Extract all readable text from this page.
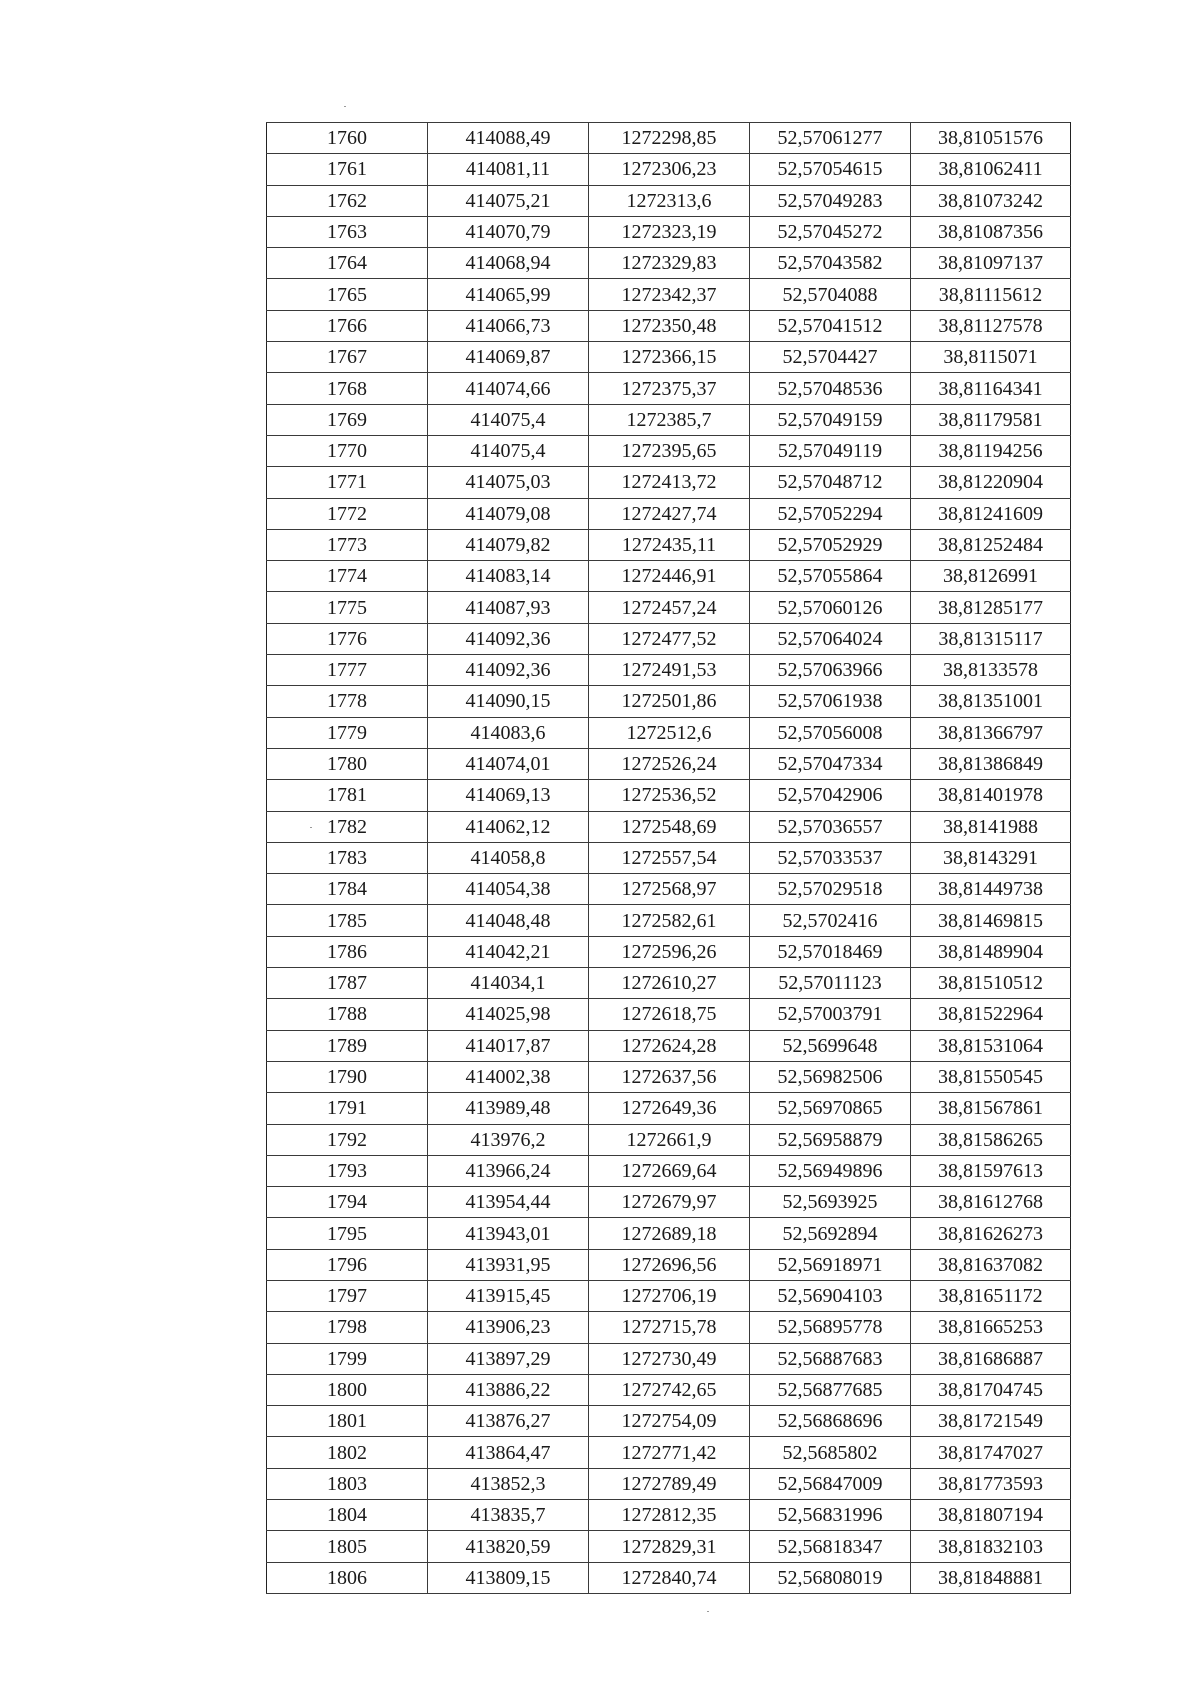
1760	414088,49	1272298,85	52,57061277	38,81051576
1761	414081,11	1272306,23	52,57054615	38,81062411
1762	414075,21	1272313,6	52,57049283	38,81073242
1763	414070,79	1272323,19	52,57045272	38,81087356
1764	414068,94	1272329,83	52,57043582	38,81097137
1765	414065,99	1272342,37	52,5704088	38,81115612
1766	414066,73	1272350,48	52,57041512	38,81127578
1767	414069,87	1272366,15	52,5704427	38,8115071
1768	414074,66	1272375,37	52,57048536	38,81164341
1769	414075,4	1272385,7	52,57049159	38,81179581
1770	414075,4	1272395,65	52,57049119	38,81194256
1771	414075,03	1272413,72	52,57048712	38,81220904
1772	414079,08	1272427,74	52,57052294	38,81241609
1773	414079,82	1272435,11	52,57052929	38,81252484
1774	414083,14	1272446,91	52,57055864	38,8126991
1775	414087,93	1272457,24	52,57060126	38,81285177
1776	414092,36	1272477,52	52,57064024	38,81315117
1777	414092,36	1272491,53	52,57063966	38,8133578
1778	414090,15	1272501,86	52,57061938	38,81351001
1779	414083,6	1272512,6	52,57056008	38,81366797
1780	414074,01	1272526,24	52,57047334	38,81386849
1781	414069,13	1272536,52	52,57042906	38,81401978
1782	414062,12	1272548,69	52,57036557	38,8141988
1783	414058,8	1272557,54	52,57033537	38,8143291
1784	414054,38	1272568,97	52,57029518	38,81449738
1785	414048,48	1272582,61	52,5702416	38,81469815
1786	414042,21	1272596,26	52,57018469	38,81489904
1787	414034,1	1272610,27	52,57011123	38,81510512
1788	414025,98	1272618,75	52,57003791	38,81522964
1789	414017,87	1272624,28	52,5699648	38,81531064
1790	414002,38	1272637,56	52,56982506	38,81550545
1791	413989,48	1272649,36	52,56970865	38,81567861
1792	413976,2	1272661,9	52,56958879	38,81586265
1793	413966,24	1272669,64	52,56949896	38,81597613
1794	413954,44	1272679,97	52,5693925	38,81612768
1795	413943,01	1272689,18	52,5692894	38,81626273
1796	413931,95	1272696,56	52,56918971	38,81637082
1797	413915,45	1272706,19	52,56904103	38,81651172
1798	413906,23	1272715,78	52,56895778	38,81665253
1799	413897,29	1272730,49	52,56887683	38,81686887
1800	413886,22	1272742,65	52,56877685	38,81704745
1801	413876,27	1272754,09	52,56868696	38,81721549
1802	413864,47	1272771,42	52,5685802	38,81747027
1803	413852,3	1272789,49	52,56847009	38,81773593
1804	413835,7	1272812,35	52,56831996	38,81807194
1805	413820,59	1272829,31	52,56818347	38,81832103
1806	413809,15	1272840,74	52,56808019	38,81848881
